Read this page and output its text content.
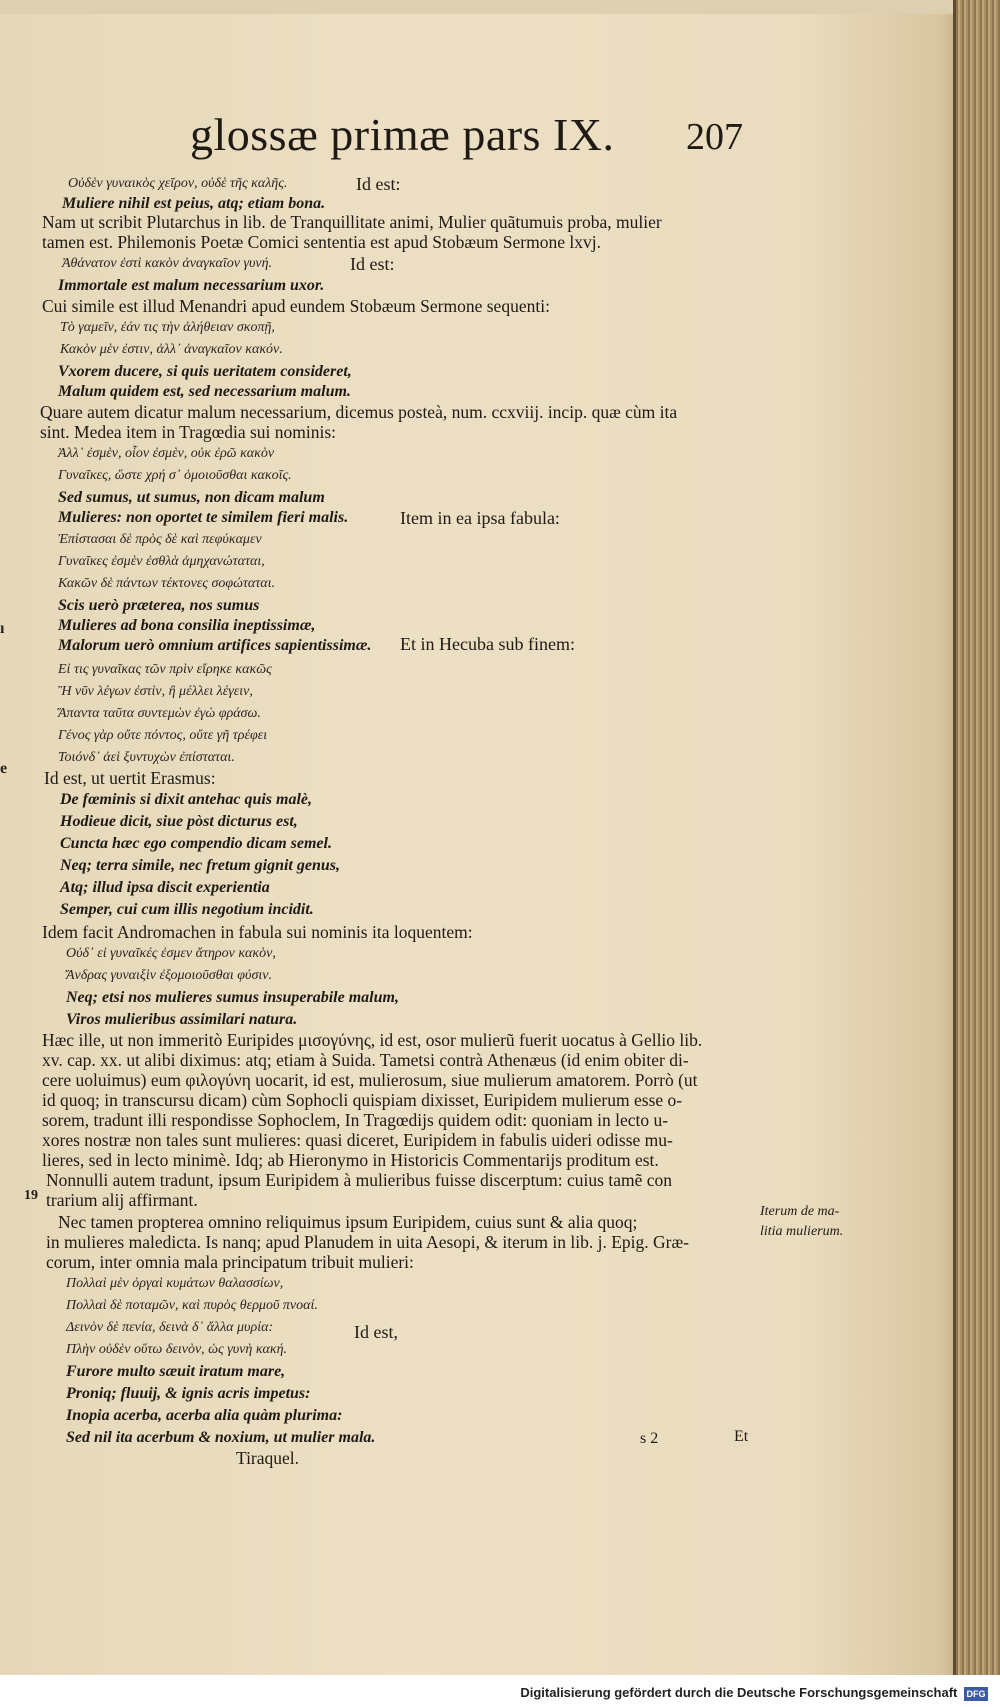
ı
e
glossæ primæ pars IX. 207
Id est:
Id est:
Item in ea ipsa fabula:
Et in Hecuba sub finem:
Id est,
Οὐδὲν γυναικὸς χεῖρον, οὐδὲ τῆς καλῆς.
Muliere nihil est peius, atq; etiam bona.
Nam ut scribit Plutarchus in lib. de Tranquillitate animi, Mulier quãtumuis proba, mulier
tamen est. Philemonis Poetæ Comici sententia est apud Stobæum Sermone lxvj.
Ἀθάνατον ἐστὶ κακὸν ἀναγκαῖον γυνή.
Immortale est malum necessarium uxor.
Cui simile est illud Menandri apud eundem Stobæum Sermone sequenti:
Τὸ γαμεῖν, ἐάν τις τὴν ἀλήθειαν σκοπῇ,
Κακὸν μὲν ἐστιν, ἀλλ᾽ ἀναγκαῖον κακόν.
Vxorem ducere, si quis ueritatem consideret,
Malum quidem est, sed necessarium malum.
Quare autem dicatur malum necessarium, dicemus posteà, num. ccxviij. incip. quæ cùm ita
sint. Medea item in Tragœdia sui nominis:
Ἀλλ᾽ ἐσμὲν, οἷον ἐσμὲν, οὐκ ἐρῶ κακὸν
Γυναῖκες, ὥστε χρή σ᾽ ὁμοιοῦσθαι κακοῖς.
Sed sumus, ut sumus, non dicam malum
Mulieres: non oportet te similem fieri malis.
Ἐπίστασαι δὲ πρὸς δὲ καὶ πεφύκαμεν
Γυναῖκες ἐσμὲν ἐσθλὰ ἀμηχανώταται,
Κακῶν δὲ πάντων τέκτονες σοφώταται.
Scis uerò præterea, nos sumus
Mulieres ad bona consilia ineptissimæ,
Malorum uerò omnium artifices sapientissimæ.
Εἰ τις γυναῖκας τῶν πρὶν εἴρηκε κακῶς
Ἢ νῦν λέγων ἐστὶν, ἢ μέλλει λέγειν,
Ἅπαντα ταῦτα συντεμὼν ἐγὼ φράσω.
Γένος γὰρ οὔτε πόντος, οὔτε γῆ τρέφει
Τοιόνδ᾽ ἀεὶ ξυντυχὼν ἐπίσταται.
Id est, ut uertit Erasmus:
De fœminis si dixit antehac quis malè,
Hodieue dicit, siue pòst dicturus est,
Cuncta hæc ego compendio dicam semel.
Neq; terra simile, nec fretum gignit genus,
Atq; illud ipsa discit experientia
Semper, cui cum illis negotium incidit.
Idem facit Andromachen in fabula sui nominis ita loquentem:
Οὐδ᾽ εἰ γυναῖκές ἐσμεν ἄτηρον κακὸν,
Ἄνδρας γυναιξὶν ἐξομοιοῦσθαι φύσιν.
Neq; etsi nos mulieres sumus insuperabile malum,
Viros mulieribus assimilari natura.
Hæc ille, ut non immeritò Euripides μισογύνης, id est, osor mulierũ fuerit uocatus à Gellio lib.
xv. cap. xx. ut alibi diximus: atq; etiam à Suida. Tametsi contrà Athenæus (id enim obiter di-
cere uoluimus) eum φιλογύνη uocarit, id est, mulierosum, siue mulierum amatorem. Porrò (ut
id quoq; in transcursu dicam) cùm Sophocli quispiam dixisset, Euripidem mulierum esse o-
sorem, tradunt illi respondisse Sophoclem, In Tragœdijs quidem odit: quoniam in lecto u-
xores nostræ non tales sunt mulieres: quasi diceret, Euripidem in fabulis uideri odisse mu-
lieres, sed in lecto minimè. Idq; ab Hieronymo in Historicis Commentarijs proditum est.
Nonnulli autem tradunt, ipsum Euripidem à mulieribus fuisse discerptum: cuius tamẽ con
trarium alij affirmant.
Nec tamen propterea omnino reliquimus ipsum Euripidem, cuius sunt & alia quoq;
in mulieres maledicta. Is nanq; apud Planudem in uita Aesopi, & iterum in lib. j. Epig. Græ-
corum, inter omnia mala principatum tribuit mulieri:
Πολλαὶ μὲν ὀργαὶ κυμάτων θαλασσίων,
Πολλαὶ δὲ ποταμῶν, καὶ πυρὸς θερμοῦ πνοαί.
Δεινὸν δὲ πενία, δεινὰ δ᾽ ἄλλα μυρία:
Πλὴν οὐδὲν οὕτω δεινὸν, ὡς γυνὴ κακή.
Furore multo sæuit iratum mare,
Proniq; fluuij, & ignis acris impetus:
Inopia acerba, acerba alia quàm plurima:
Sed nil ita acerbum & noxium, ut mulier mala.
Tiraquel.
19
Iterum de ma-
litia mulierum.
s 2	Et
Digitalisierung gefördert durch die Deutsche Forschungsgemeinschaft DFG
